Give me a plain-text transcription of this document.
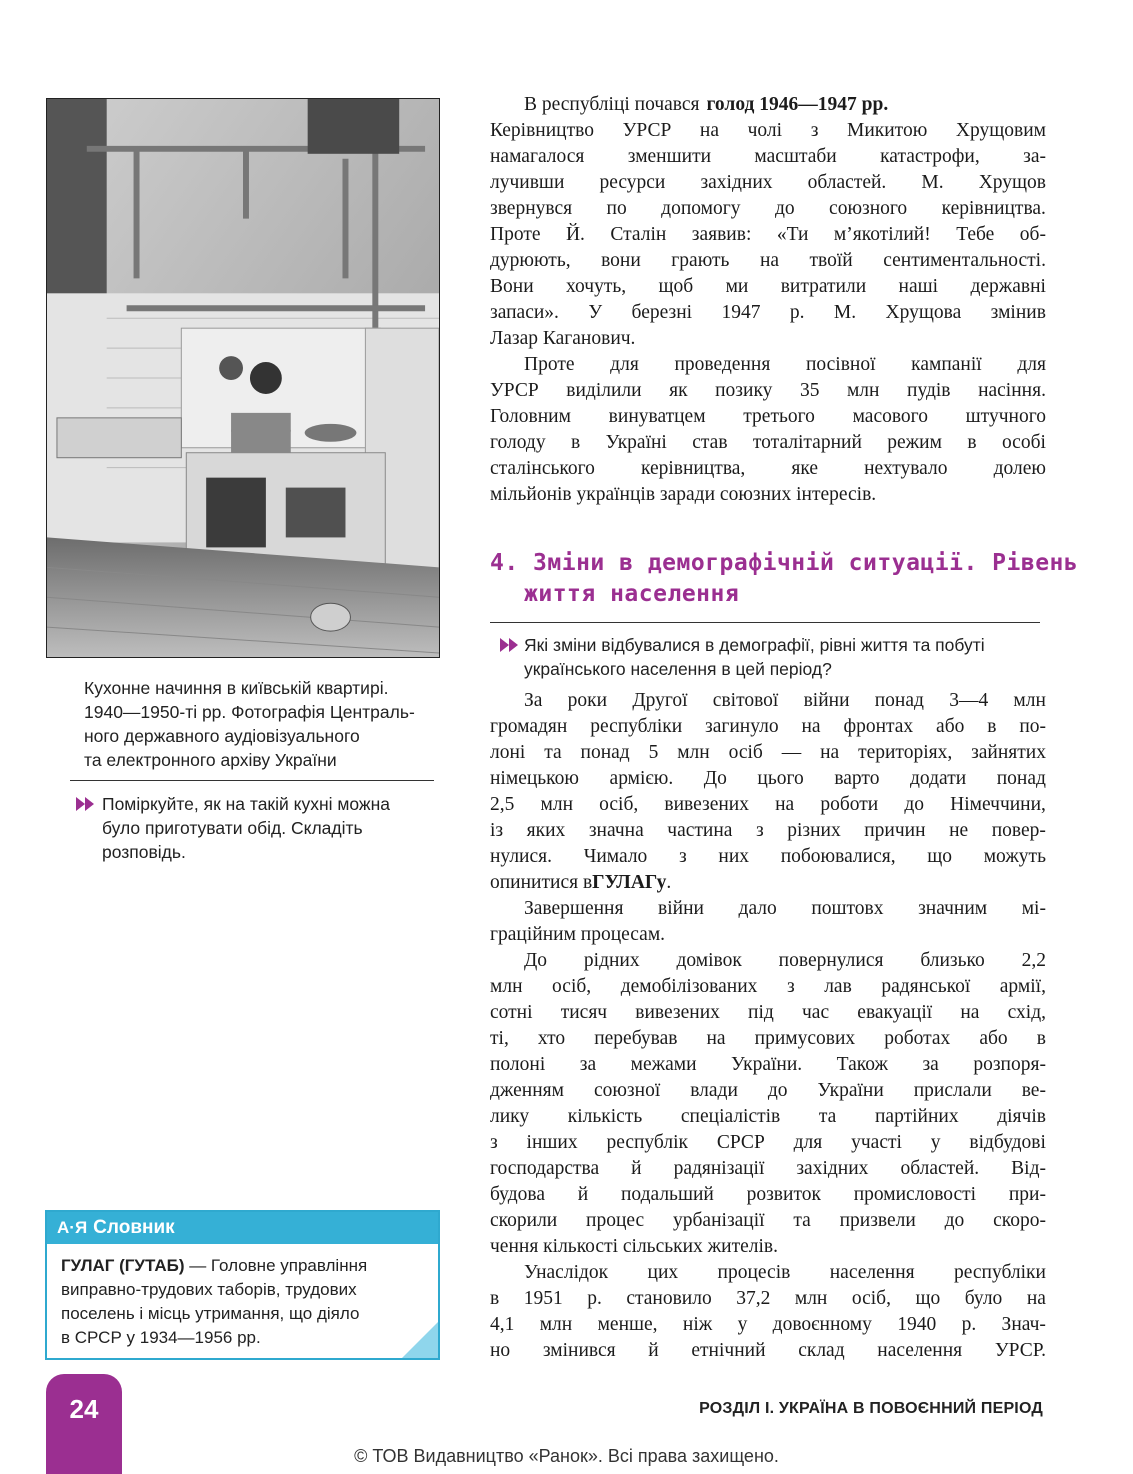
Кухонне начиння в київській квартирі.
1940—1950-ті рр. Фотографія Централь-
ного державного аудіовізуального
та електронного архіву України
Поміркуйте, як на такій кухні можна
було приготувати обід. Складіть
розповідь.
В республіці почався голод 1946—1947 рр.
Керівництво УРСР на чолі з Микитою Хрущовим
намагалося зменшити масштаби катастрофи, за-
лучивши ресурси західних областей. М. Хрущов
звернувся по допомогу до союзного керівництва.
Проте Й. Сталін заявив: «Ти м’якотілий! Тебе об-
дурюють, вони грають на твоїй сентиментальності.
Вони хочуть, щоб ми витратили наші державні
запаси». У березні 1947 р. М. Хрущова змінив
Лазар Каганович.
Проте для проведення посівної кампанії для
УРСР виділили як позику 35 млн пудів насіння.
Головним винуватцем третього масового штучного
голоду в Україні став тоталітарний режим в особі
сталінського керівництва, яке нехтувало долею
мільйонів українців заради союзних інтересів.
4. Зміни в демографічній ситуації. Рівень
життя населення
Які зміни відбувалися в демографії, рівні життя та побуті
українського населення в цей період?
За роки Другої світової війни понад 3—4 млн
громадян республіки загинуло на фронтах або в по-
лоні та понад 5 млн осіб — на територіях, зайнятих
німецькою армією. До цього варто додати понад
2,5 млн осіб, вивезених на роботи до Німеччини,
із яких значна частина з різних причин не повер-
нулися. Чимало з них побоювалися, що можуть
опинитися в ГУЛАГу .
Завершення війни дало поштовх значним мі-
граційним процесам.
До рідних домівок повернулися близько 2,2
млн осіб, демобілізованих з лав радянської армії,
сотні тисяч вивезених під час евакуації на схід,
ті, хто перебував на примусових роботах або в
полоні за межами України. Також за розпоря-
дженням союзної влади до України прислали ве-
лику кількість спеціалістів та партійних діячів
з інших республік СРСР для участі у відбудові
господарства й радянізації західних областей. Від-
будова й подальший розвиток промисловості при-
скорили процес урбанізації та призвели до скоро-
чення кількості сільських жителів.
Унаслідок цих процесів населення республіки
в 1951 р. становило 37,2 млн осіб, що було на
4,1 млн менше, ніж у довоєнному 1940 р. Знач-
но змінився й етнічний склад населення УРСР.
А·Я Словник
ГУЛАГ (ГУТАБ) — Головне управління
виправно-трудових таборів, трудових
поселень і місць утримання, що діяло
в СРСР у 1934—1956 рр.
24	РОЗДІЛ І. УКРАЇНА В ПОВОЄННИЙ ПЕРІОД
© ТОВ Видавництво «Ранок». Всі права захищено.
